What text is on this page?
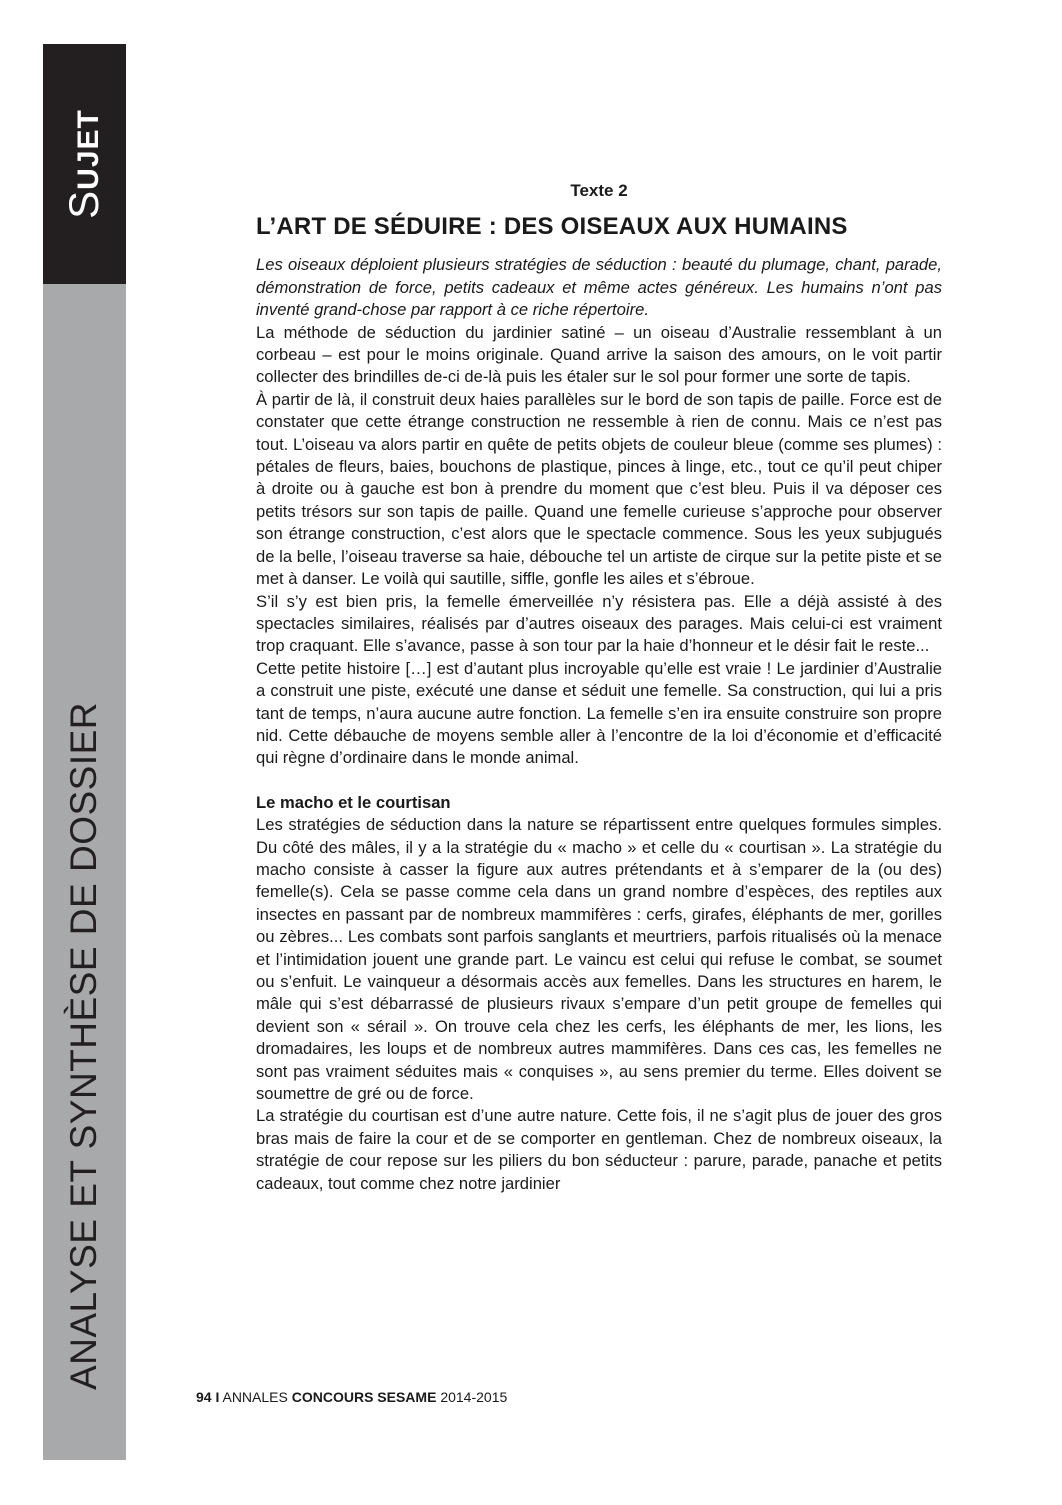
SUJET
ANALYSE ET SYNTHÈSE DE DOSSIER
Texte 2
L’ART DE SÉDUIRE : DES OISEAUX AUX HUMAINS

Les oiseaux déploient plusieurs stratégies de séduction : beauté du plumage, chant, parade, démonstration de force, petits cadeaux et même actes généreux. Les humains n’ont pas inventé grand-chose par rapport à ce riche répertoire.

La méthode de séduction du jardinier satiné – un oiseau d’Australie ressemblant à un corbeau – est pour le moins originale. Quand arrive la saison des amours, on le voit partir collecter des brindilles de-ci de-là puis les étaler sur le sol pour former une sorte de tapis.

À partir de là, il construit deux haies parallèles sur le bord de son tapis de paille. Force est de constater que cette étrange construction ne ressemble à rien de connu. Mais ce n’est pas tout. L’oiseau va alors partir en quête de petits objets de couleur bleue (comme ses plumes) : pétales de fleurs, baies, bouchons de plastique, pinces à linge, etc., tout ce qu’il peut chiper à droite ou à gauche est bon à prendre du moment que c’est bleu. Puis il va déposer ces petits trésors sur son tapis de paille. Quand une femelle curieuse s’approche pour observer son étrange construction, c’est alors que le spectacle commence. Sous les yeux subjugués de la belle, l’oiseau traverse sa haie, débouche tel un artiste de cirque sur la petite piste et se met à danser. Le voilà qui sautille, siffle, gonfle les ailes et s’ébroue.

S’il s’y est bien pris, la femelle émerveillée n’y résistera pas. Elle a déjà assisté à des spectacles similaires, réalisés par d’autres oiseaux des parages. Mais celui-ci est vraiment trop craquant. Elle s’avance, passe à son tour par la haie d’honneur et le désir fait le reste...

Cette petite histoire […] est d’autant plus incroyable qu’elle est vraie ! Le jardinier d’Australie a construit une piste, exécuté une danse et séduit une femelle. Sa construction, qui lui a pris tant de temps, n’aura aucune autre fonction. La femelle s’en ira ensuite construire son propre nid. Cette débauche de moyens semble aller à l’encontre de la loi d’économie et d’efficacité qui règne d’ordinaire dans le monde animal.

Le macho et le courtisan

Les stratégies de séduction dans la nature se répartissent entre quelques formules simples. Du côté des mâles, il y a la stratégie du « macho » et celle du « courtisan ». La stratégie du macho consiste à casser la figure aux autres prétendants et à s’emparer de la (ou des) femelle(s). Cela se passe comme cela dans un grand nombre d’espèces, des reptiles aux insectes en passant par de nombreux mammifères : cerfs, girafes, éléphants de mer, gorilles ou zèbres... Les combats sont parfois sanglants et meurtriers, parfois ritualisés où la menace et l’intimidation jouent une grande part. Le vaincu est celui qui refuse le combat, se soumet ou s’enfuit. Le vainqueur a désormais accès aux femelles. Dans les structures en harem, le mâle qui s’est débarrassé de plusieurs rivaux s’empare d’un petit groupe de femelles qui devient son « sérail ». On trouve cela chez les cerfs, les éléphants de mer, les lions, les dromadaires, les loups et de nombreux autres mammifères. Dans ces cas, les femelles ne sont pas vraiment séduites mais « conquises », au sens premier du terme. Elles doivent se soumettre de gré ou de force.

La stratégie du courtisan est d’une autre nature. Cette fois, il ne s’agit plus de jouer des gros bras mais de faire la cour et de se comporter en gentleman. Chez de nombreux oiseaux, la stratégie de cour repose sur les piliers du bon séducteur : parure, parade, panache et petits cadeaux, tout comme chez notre jardinier

94 I ANNALES CONCOURS SESAME 2014-2015
